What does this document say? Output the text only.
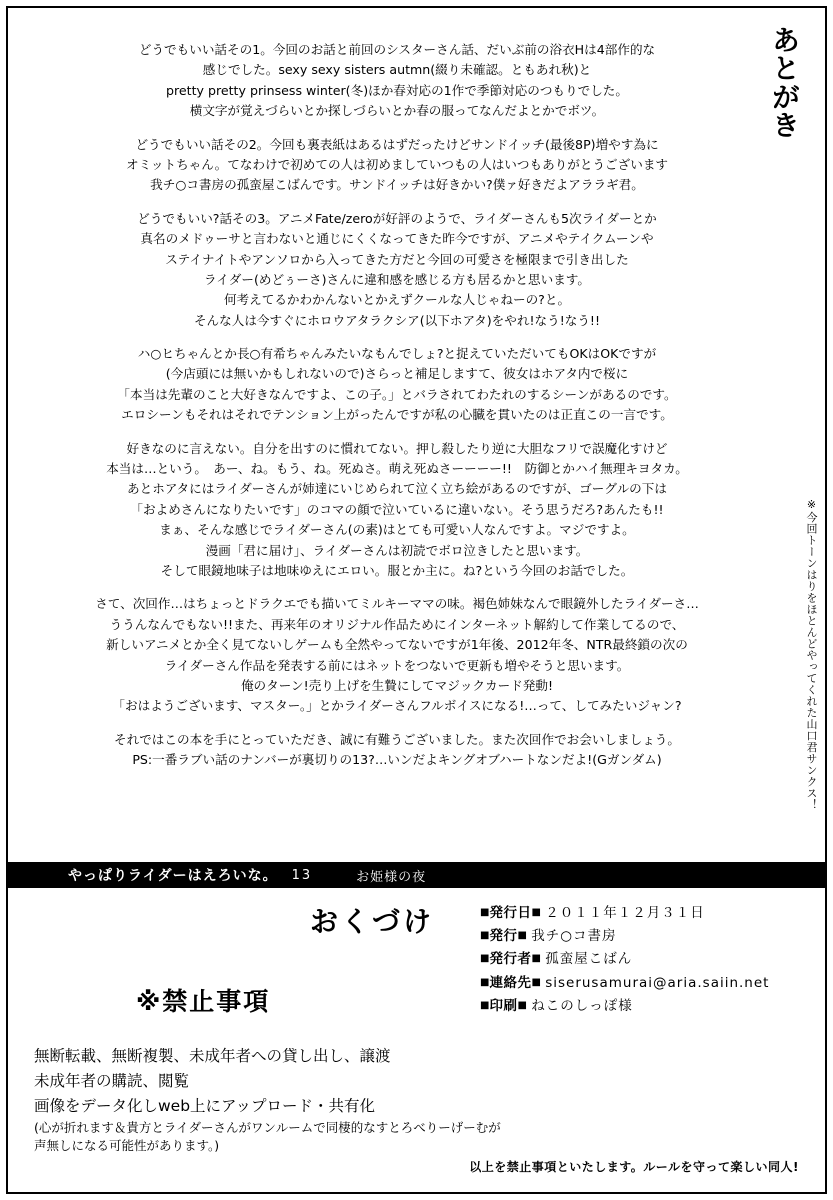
あ
と
が
き
※今回トーンはりをほとんどやってくれた山口君サンクス！

どうでもいい話その1。今回のお話と前回のシスターさん話、だいぶ前の浴衣Hは4部作的な

感じでした。sexy sexy sisters autmn(綴り未確認。ともあれ秋)と

pretty pretty prinsess winter(冬)ほか春対応の1作で季節対応のつもりでした。

横文字が覚えづらいとか探しづらいとか春の服ってなんだよとかでボツ。

どうでもいい話その2。今回も裏表紙はあるはずだったけどサンドイッチ(最後8P)増やす為に

オミットちゃん。てなわけで初めての人は初めましていつもの人はいつもありがとうございます

我チ○コ書房の孤蛮屋こばんです。サンドイッチは好きかい?僕ァ好きだよアララギ君。

どうでもいい?話その3。アニメFate/zeroが好評のようで、ライダーさんも5次ライダーとか

真名のメドゥーサと言わないと通じにくくなってきた昨今ですが、アニメやテイクムーンや

ステイナイトやアンソロから入ってきた方だと今回の可愛さを極限まで引き出した

ライダー(めどぅーさ)さんに違和感を感じる方も居るかと思います。

何考えてるかわかんないとかえずクールな人じゃねーの?と。

そんな人は今すぐにホロウアタラクシア(以下ホアタ)をやれ!なう!なう!!

ハ○ヒちゃんとか長○有希ちゃんみたいなもんでしょ?と捉えていただいてもOKはOKですが

(今店頭には無いかもしれないので)さらっと補足しますて、彼女はホアタ内で桜に

「本当は先輩のこと大好きなんですよ、この子。」とバラされてわたれのするシーンがあるのです。

エロシーンもそれはそれでテンション上がったんですが私の心臓を貫いたのは正直この一言です。

好きなのに言えない。自分を出すのに慣れてない。押し殺したり逆に大胆なフリで誤魔化すけど

本当は…という。　あー、ね。もう、ね。死ぬさ。萌え死ぬさーーーー!!　防御とかハイ無理キヨタカ。

あとホアタにはライダーさんが姉達にいじめられて泣く立ち絵があるのですが、ゴーグルの下は

「およめさんになりたいです」のコマの顔で泣いているに違いない。そう思うだろ?あんたも!!

まぁ、そんな感じでライダーさん(の素)はとても可愛い人なんですよ。マジですよ。

漫画「君に届け」、ライダーさんは初読でボロ泣きしたと思います。

そして眼鏡地味子は地味ゆえにエロい。服とか主に。ね?という今回のお話でした。

さて、次回作…はちょっとドラクエでも描いてミルキーママの味。褐色姉妹なんで眼鏡外したライダーさ…

ううんなんでもない!!また、再来年のオリジナル作品ためにインターネット解約して作業してるので、

新しいアニメとか全く見てないしゲームも全然やってないですが1年後、2012年冬、NTR最終鎖の次の

ライダーさん作品を発表する前にはネットをつないで更新も増やそうと思います。

俺のターン!売り上げを生贄にしてマジックカード発動!

「おはようございます、マスター。」とかライダーさんフルボイスになる!…って、してみたいジャン?

それではこの本を手にとっていただき、誠に有難うございました。また次回作でお会いしましょう。

PS:一番ラブい話のナンバーが裏切りの13?…いンだよキングオブハートなンだよ!(Gガンダム)

やっぱりライダーはえろいな。 13	お姫様の夜
おくづけ	■発行日■ ２０１１年１２月３１日
■発行■ 我チ○コ書房
■発行者■ 孤蛮屋こばん
■連絡先■ siserusamurai@aria.saiin.net
■印刷■ ねこのしっぽ様
※禁止事項
無断転載、無断複製、未成年者への貸し出し、譲渡
未成年者の購読、閲覧
画像をデータ化しweb上にアップロード・共有化
(心が折れます＆貴方とライダーさんがワンルームで同棲的なすとろべりーげーむが
声無しになる可能性があります。)
以上を禁止事項といたします。ルールを守って楽しい同人!
